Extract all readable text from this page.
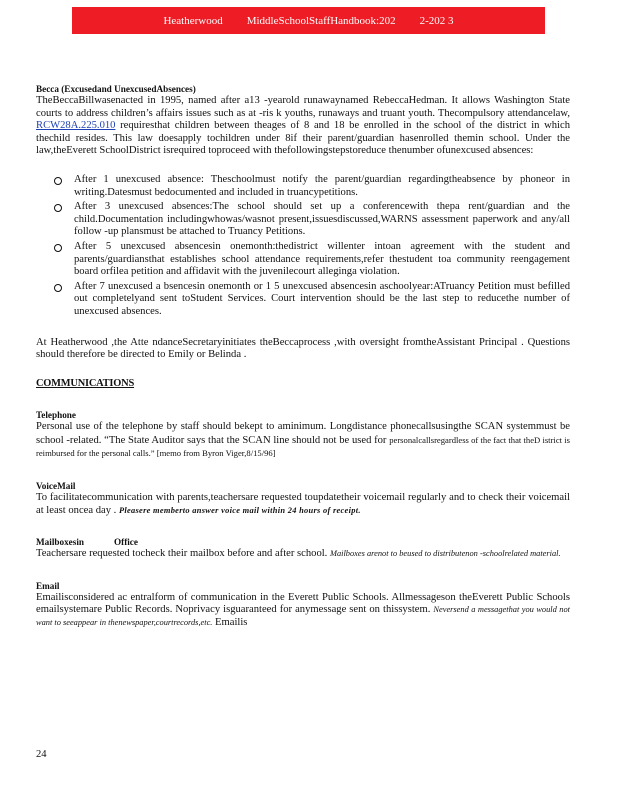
Heatherwood MiddleSchoolStaffHandbook:202 2-202 3
Becca (Excusedand UnexcusedAbsences)

TheBeccaBillwasenacted in 1995, named after a13 -yearold runawaynamed RebeccaHedman. It allows Washington State courts to address children’s affairs issues such as at -ris k youths, runaways and truant youth. Thecompulsory attendancelaw, RCW28A.225.010 requiresthat children between theages of 8 and 18 be enrolled in the school of the district in which thechild resides. This law doesapply tochildren under 8if their parent/guardian hasenrolled themin school. Under the law,theEverett SchoolDistrict isrequired toproceed with thefollowingstepstoreduce thenumber ofunexcused absences:

After 1 unexcused absence: Theschoolmust notify the parent/guardian regardingtheabsence by phoneor in writing.Datesmust bedocumented and included in truancypetitions.
After 3 unexcused absences:The school should set up a conferencewith thepa rent/guardian and the child.Documentation includingwhowas/wasnot present,issuesdiscussed,WARNS assessment paperwork and any/all follow -up plansmust be attached to Truancy Petitions.
After 5 unexcused absencesin onemonth:thedistrict willenter intoan agreement with the student and parents/guardiansthat establishes school attendance requirements,refer thestudent toa community reengagement board orfilea petition and affidavit with the juvenilecourt alleginga violation.
After 7 unexcused a bsencesin onemonth or 1 5 unexcused absencesin aschoolyear:ATruancy Petition must befilled out completelyand sent toStudent Services. Court intervention should be the last step to reducethe number of unexcused absences.

At Heatherwood ,the Atte ndanceSecretaryinitiates theBeccaprocess ,with oversight fromtheAssistant Principal . Questions should therefore be directed to Emily or Belinda .

COMMUNICATIONS
Telephone

Personal use of the telephone by staff should bekept to aminimum. Longdistance phonecallsusingthe SCAN systemmust be school -related. “The State Auditor says that the SCAN line should not be used for personalcallsregardless of the fact that theD istrict is reimbursed for the personal calls.” [memo from Byron Viger,8/15/96]

VoiceMail

To facilitatecommunication with parents,teachersare requested toupdatetheir voicemail regularly and to check their voicemail at least oncea day . Pleasere memberto answer voice mail within 24 hours of receipt.

Mailboxesin	Office

Teachersare requested tocheck their mailbox before and after school. Mailboxes arenot to beused to distributenon -schoolrelated material.

Email

Emailisconsidered ac entralform of communication in the Everett Public Schools. Allmessageson theEverett Public Schools emailsystemare Public Records. Noprivacy isguaranteed for anymessage sent on thissystem. Neversend a messagethat you would not want to seeappear in thenewspaper,courtrecords,etc. Emailis

24
